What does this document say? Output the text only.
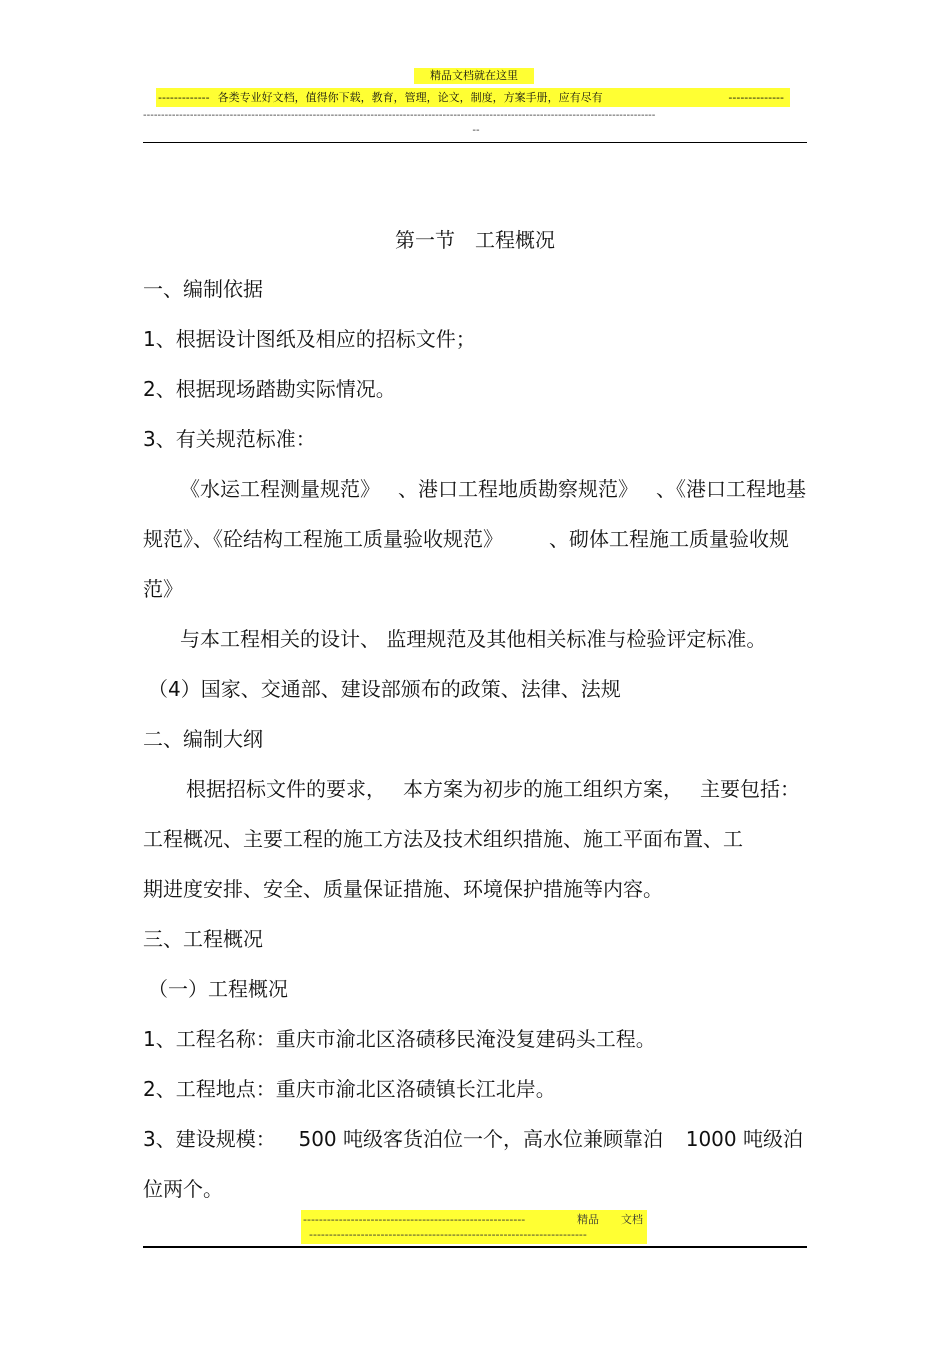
精品文档就在这里
------------- 各类专业好文档，值得你下载，教育，管理，论文，制度，方案手册，应有尽有	--------------
----------------------------------------------------------------------------------------------------------------------------------------------
--
第一节　工程概况
一、编制依据
1、根据设计图纸及相应的招标文件；
2、根据现场踏勘实际情况。
3、有关规范标准：
《水运工程测量规范》 、港口工程地质勘察规范》 、《港口工程地基
规范》、《砼结构工程施工质量验收规范》 、砌体工程施工质量验收规
范》
与本工程相关的设计、 监理规范及其他相关标准与检验评定标准。
（4）国家、交通部、建设部颁布的政策、法律、法规
二、编制大纲
根据招标文件的要求， 本方案为初步的施工组织方案， 主要包括：
工程概况、主要工程的施工方法及技术组织措施、施工平面布置、工
期进度安排、安全、质量保证措施、环境保护措施等内容。
三、工程概况
（一）工程概况
1、工程名称：重庆市渝北区洛碛移民淹没复建码头工程。
2、工程地点：重庆市渝北区洛碛镇长江北岸。
3、建设规模： 500 吨级客货泊位一个，高水位兼顾靠泊 1000 吨级泊
位两个。
--------------------------------------------------------	精品 文档
----------------------------------------------------------------------
